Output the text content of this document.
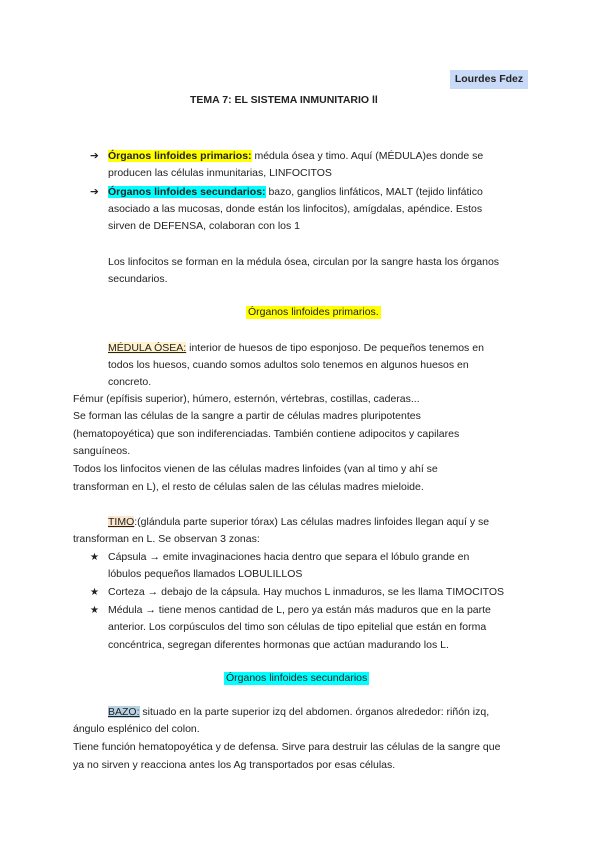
Lourdes Fdez
TEMA 7: EL SISTEMA INMUNITARIO ll
➔ Órganos linfoides primarios: médula ósea y timo. Aquí (MÉDULA)es donde se
producen las células inmunitarias, LINFOCITOS
➔ Órganos linfoides secundarios: bazo, ganglios linfáticos, MALT (tejido linfático
asociado a las mucosas, donde están los linfocitos), amígdalas, apéndice. Estos
sirven de DEFENSA, colaboran con los 1
Los linfocitos se forman en la médula ósea, circulan por la sangre hasta los órganos
secundarios.
Órganos linfoides primarios.
MÉDULA ÓSEA: interior de huesos de tipo esponjoso. De pequeños tenemos en
todos los huesos, cuando somos adultos solo tenemos en algunos huesos en
concreto.
Fémur (epífisis superior), húmero, esternón, vértebras, costillas, caderas...
Se forman las células de la sangre a partir de células madres pluripotentes
(hematopoyética) que son indiferenciadas. También contiene adipocitos y capilares
sanguíneos.
Todos los linfocitos vienen de las células madres linfoides (van al timo y ahí se
transforman en L), el resto de células salen de las células madres mieloide.
TIMO:(glándula parte superior tórax) Las células madres linfoides llegan aquí y se
transforman en L. Se observan 3 zonas:
★ Cápsula → emite invaginaciones hacia dentro que separa el lóbulo grande en
lóbulos pequeños llamados LOBULILLOS
★ Corteza → debajo de la cápsula. Hay muchos L inmaduros, se les llama TIMOCITOS
★ Médula → tiene menos cantidad de L, pero ya están más maduros que en la parte
anterior. Los corpúsculos del timo son células de tipo epitelial que están en forma
concéntrica, segregan diferentes hormonas que actúan madurando los L.
Órganos linfoides secundarios
BAZO: situado en la parte superior izq del abdomen. órganos alrededor: riñón izq,
ángulo esplénico del colon.
Tiene función hematopoyética y de defensa. Sirve para destruir las células de la sangre que
ya no sirven y reacciona antes los Ag transportados por esas células.
